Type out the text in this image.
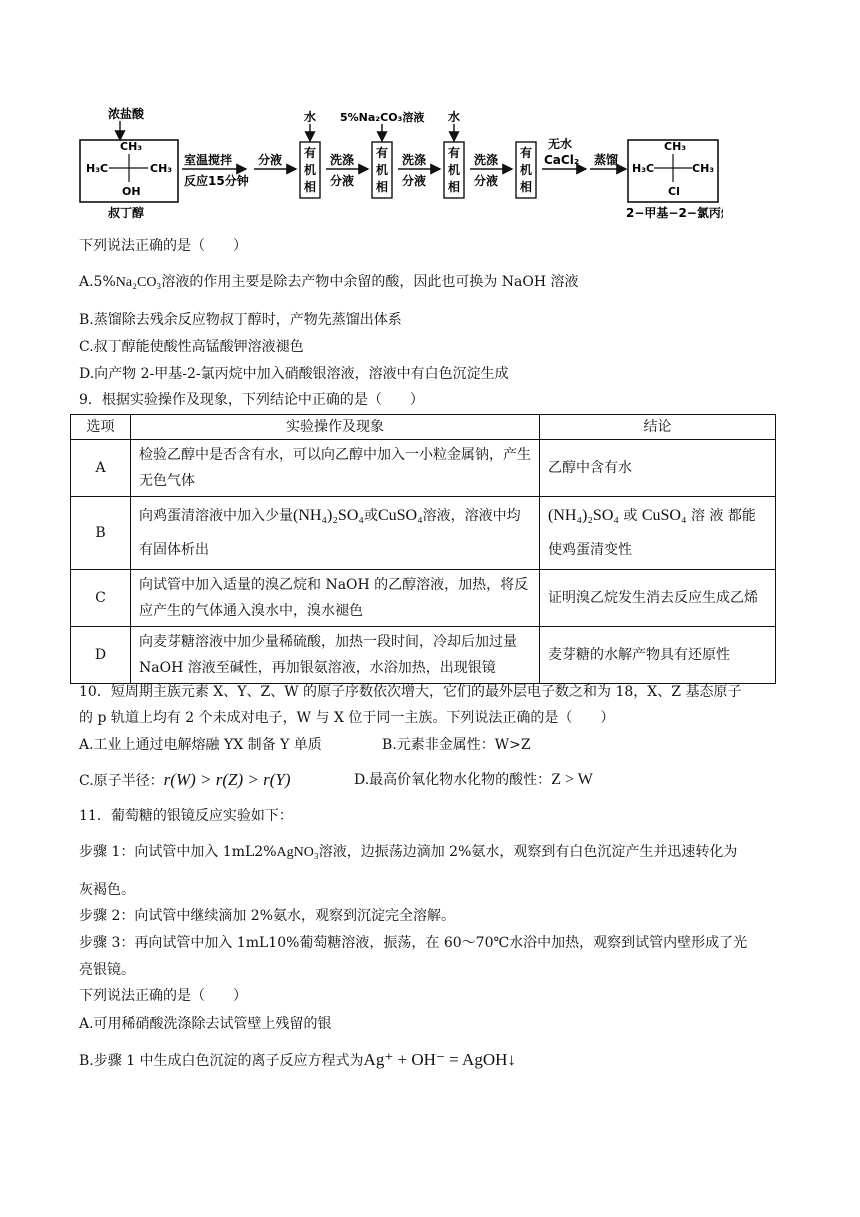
浓盐酸
CH₃
H₃C	CH₃
OH
叔丁醇
室温搅拌
反应15分钟
分液 有
机
相
水
洗涤
分液
有
机
相
5%Na₂CO₃溶液
洗涤
分液
有
机
相
水
洗涤
分液
有
机
相
无水
CaCl₂ 蒸馏
CH₃
H₃C	CH₃
Cl
2−甲基−2−氯丙烷
下列说法正确的是（　　）
A.5%Na₂CO₃溶液的作用主要是除去产物中余留的酸，因此也可换为 NaOH 溶液
B.蒸馏除去残余反应物叔丁醇时，产物先蒸馏出体系
C.叔丁醇能使酸性高锰酸钾溶液褪色
D.向产物 2-甲基-2-氯丙烷中加入硝酸银溶液，溶液中有白色沉淀生成
9．根据实验操作及现象，下列结论中正确的是（　　）
选项	实验操作及现象	结论
A	检验乙醇中是否含有水，可以向乙醇中加入一小粒金属钠，产生无色气体	乙醇中含有水
B	向鸡蛋清溶液中加入少量(NH₄)₂SO₄或CuSO₄溶液，溶液中均有固体析出	(NH₄)₂SO₄ 或 CuSO₄ 溶 液 都能使鸡蛋清变性
C	向试管中加入适量的溴乙烷和 NaOH 的乙醇溶液，加热，将反应产生的气体通入溴水中，溴水褪色	证明溴乙烷发生消去反应生成乙烯
D	向麦芽糖溶液中加少量稀硫酸，加热一段时间，冷却后加过量 NaOH 溶液至碱性，再加银氨溶液，水浴加热，出现银镜	麦芽糖的水解产物具有还原性
10．短周期主族元素 X、Y、Z、W 的原子序数依次增大，它们的最外层电子数之和为 18，X、Z 基态原子
的 p 轨道上均有 2 个未成对电子，W 与 X 位于同一主族。下列说法正确的是（　　）
A.工业上通过电解熔融 YX 制备 Y 单质	B.元素非金属性：W>Z
C.原子半径：r(W) > r(Z) > r(Y)	D.最高价氧化物水化物的酸性：Z > W
11．葡萄糖的银镜反应实验如下：
步骤 1：向试管中加入 1mL2%AgNO₃溶液，边振荡边滴加 2%氨水，观察到有白色沉淀产生并迅速转化为
灰褐色。
步骤 2：向试管中继续滴加 2%氨水，观察到沉淀完全溶解。
步骤 3：再向试管中加入 1mL10%葡萄糖溶液，振荡，在 60～70℃水浴中加热，观察到试管内壁形成了光
亮银镜。
下列说法正确的是（　　）
A.可用稀硝酸洗涤除去试管壁上残留的银
B.步骤 1 中生成白色沉淀的离子反应方程式为Ag⁺ + OH⁻ = AgOH↓
